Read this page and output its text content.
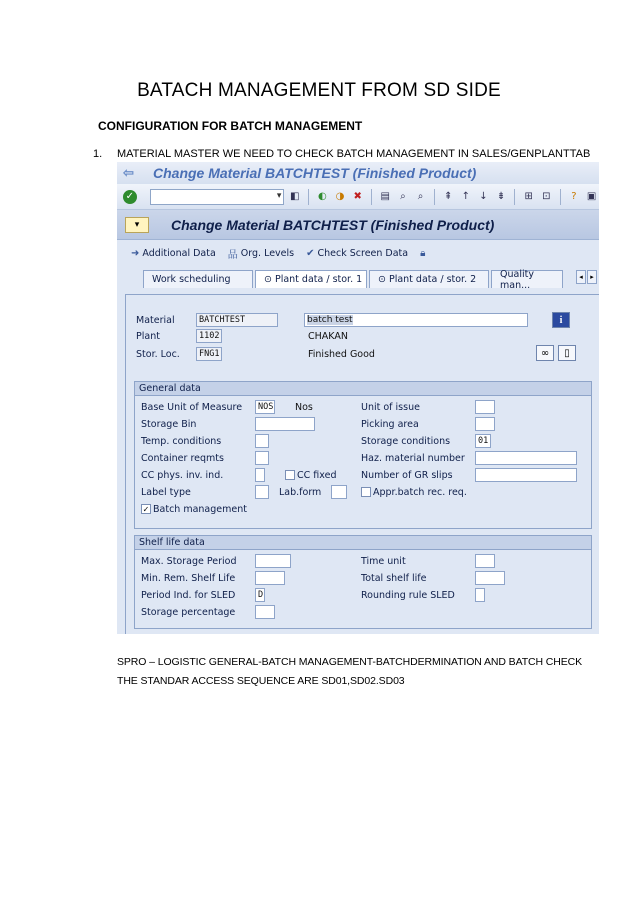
BATACH MANAGEMENT FROM SD SIDE
CONFIGURATION FOR BATCH MANAGEMENT
1. MATERIAL MASTER WE NEED TO CHECK BATCH MANAGEMENT IN SALES/GENPLANTTAB
⇦	Change Material BATCHTEST (Finished Product)
✓	▾ ◧ ◐ ◑ ✖	▤	⌕	⌕	⇞ ↑ ↓ ⇟	⊞ ⊡	?	▣
▾	Change Material BATCHTEST (Finished Product)
➜ Additional Data 品 Org. Levels ✔ Check Screen Data 🔒︎
Work scheduling	⊙ Plant data / stor. 1 ⊙ Plant data / stor. 2	Quality man...
◂	▸
Material	BATCHTEST	batch test	i
Plant	1102	CHAKAN
Stor. Loc.	FNG1	Finished Good	∞	▯
General data
Base Unit of Measure	NOS Nos	Unit of issue
Storage Bin	Picking area
Temp. conditions	Storage conditions	01
Container reqmts	Haz. material number
CC phys. inv. ind.	CC fixed	Number of GR slips
Label type	Lab.form	Appr.batch rec. req.
✓ Batch management
Shelf life data
Max. Storage Period	Time unit
Min. Rem. Shelf Life	Total shelf life
Period Ind. for SLED	D	Rounding rule SLED
Storage percentage
SPRO – LOGISTIC GENERAL-BATCH MANAGEMENT-BATCHDERMINATION AND BATCH CHECK
THE STANDAR ACCESS SEQUENCE ARE SD01,SD02.SD03
